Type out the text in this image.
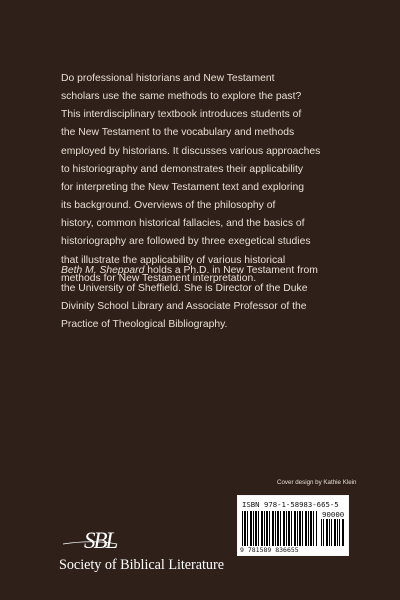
Do professional historians and New Testament
scholars use the same methods to explore the past?
This interdisciplinary textbook introduces students of
the New Testament to the vocabulary and methods
employed by historians. It discusses various approaches
to historiography and demonstrates their applicability
for interpreting the New Testament text and exploring
its background. Overviews of the philosophy of
history, common historical fallacies, and the basics of
historiography are followed by three exegetical studies
that illustrate the applicability of various historical
methods for New Testament interpretation.
Beth M. Sheppard holds a Ph.D. in New Testament from
the University of Sheffield. She is Director of the Duke
Divinity School Library and Associate Professor of the
Practice of Theological Bibliography.
Cover design by Kathie Klein
ISBN 978-1-58983-665-5
90000
9 781589 836655
SBL
Society of Biblical Literature
